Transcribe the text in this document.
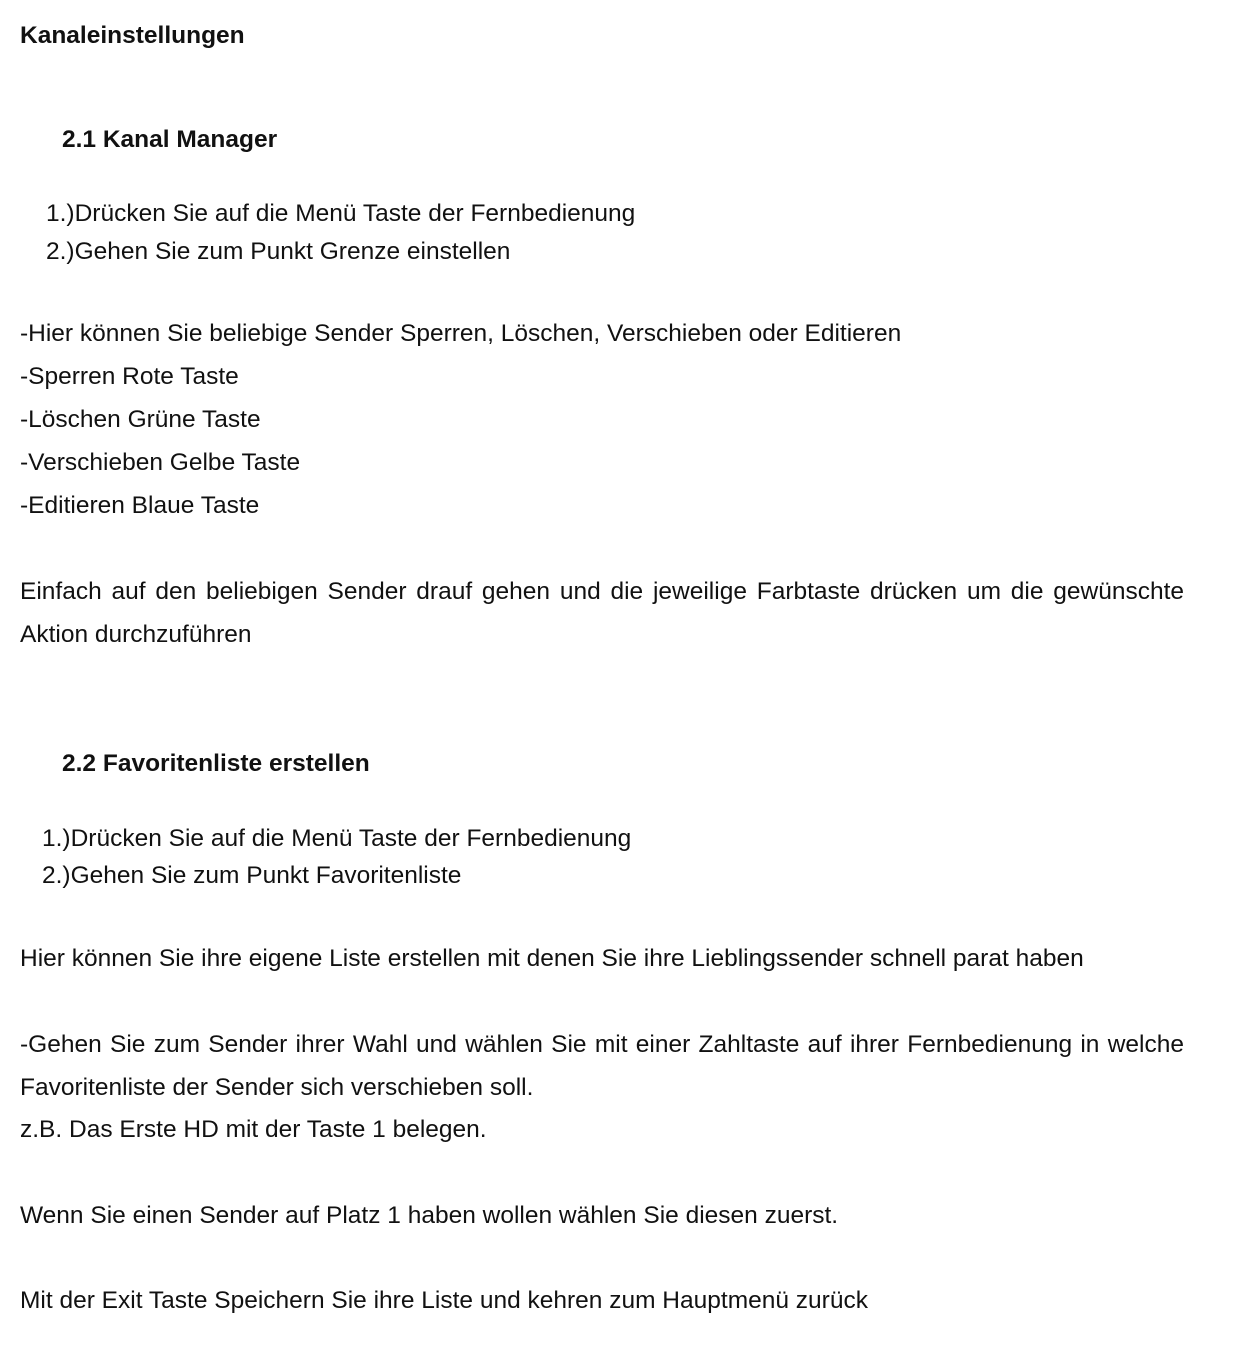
Kanaleinstellungen
2.1 Kanal Manager
1.)Drücken Sie auf die Menü Taste der Fernbedienung
2.)Gehen Sie zum Punkt Grenze einstellen
-Hier können Sie beliebige Sender Sperren, Löschen, Verschieben oder Editieren
-Sperren Rote Taste
-Löschen Grüne Taste
-Verschieben Gelbe Taste
-Editieren Blaue Taste
Einfach auf den beliebigen Sender drauf gehen und die jeweilige Farbtaste drücken um die gewünschte Aktion durchzuführen
2.2 Favoritenliste erstellen
1.)Drücken Sie auf die Menü Taste der Fernbedienung
2.)Gehen Sie zum Punkt Favoritenliste
Hier können Sie ihre eigene Liste erstellen mit denen Sie ihre Lieblingssender schnell parat haben
-Gehen Sie zum Sender ihrer Wahl und wählen Sie mit einer Zahltaste auf ihrer Fernbedienung in welche Favoritenliste der Sender sich verschieben soll.
z.B. Das Erste HD mit der Taste 1 belegen.
Wenn Sie einen Sender auf Platz 1 haben wollen wählen Sie diesen zuerst.
Mit der Exit Taste Speichern Sie ihre Liste und kehren zum Hauptmenü zurück
